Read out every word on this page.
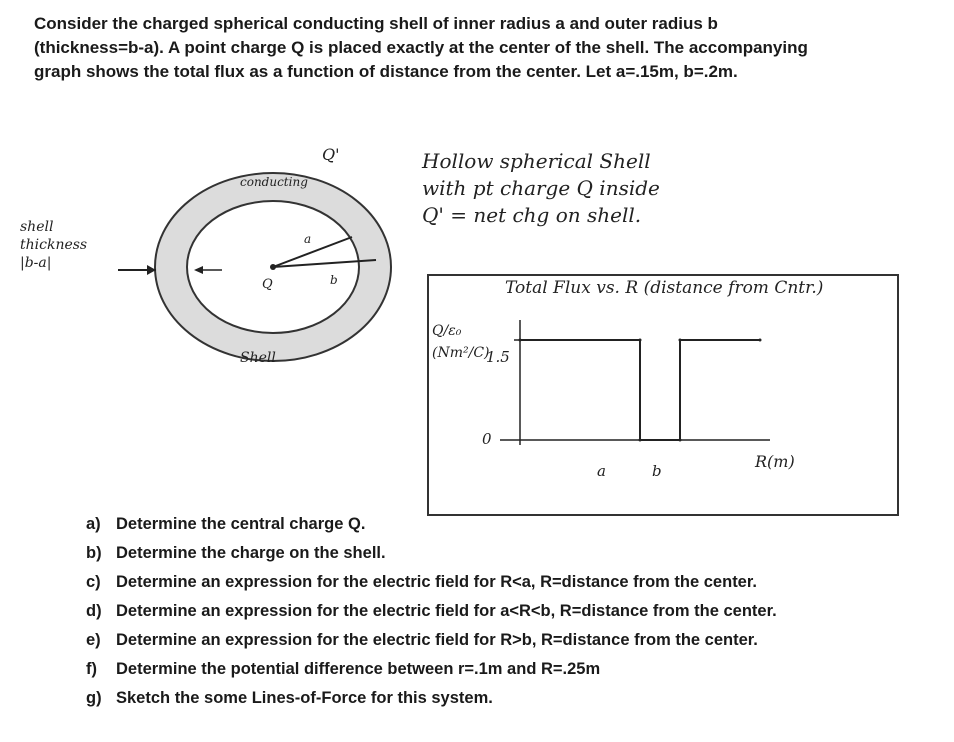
Consider the charged spherical conducting shell of inner radius a and outer radius b
(thickness=b-a). A point charge Q is placed exactly at the center of the shell. The accompanying
graph shows the total flux as a function of distance from the center. Let a=.15m, b=.2m.
Q'
conducting
shell
thickness
|b-a|
a
b
Q
Shell
Hollow spherical Shell
with pt charge Q inside
Q' = net chg on shell.
Total Flux vs. R (distance from Cntr.)
Q/ε₀ (Nm²/C)
1.5
0
a	b	R(m)
a) Determine the central charge Q.
b) Determine the charge on the shell.
c) Determine an expression for the electric field for R<a, R=distance from the center.
d) Determine an expression for the electric field for a<R<b, R=distance from the center.
e) Determine an expression for the electric field for R>b, R=distance from the center.
f)	Determine the potential difference between r=.1m and R=.25m
g) Sketch the some Lines-of-Force for this system.
